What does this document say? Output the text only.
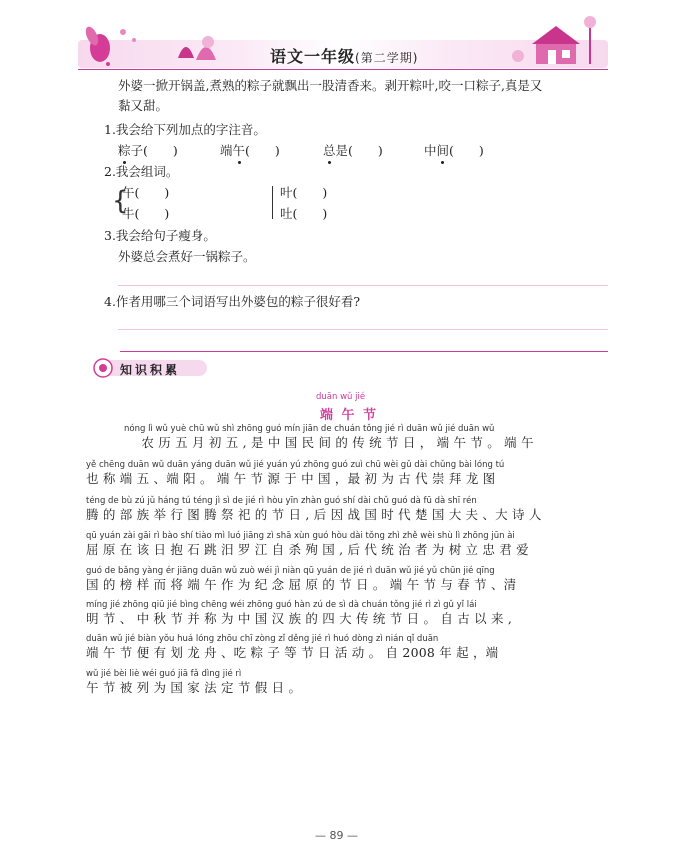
语文一年级(第二学期)
外婆一掀开锅盖,煮熟的粽子就飘出一股清香来。剥开粽叶,咬一口粽子,真是又
黏又甜。
1.我会给下列加点的字注音。
粽子(　　)	端午(　　)	总是(　　)	中间(　　)
2.我会组词。
{
午(　　)
牛(　　)
叶(　　)
吐(　　)
3.我会给句子瘦身。
外婆总会煮好一锅粽子。
4.作者用哪三个词语写出外婆包的粽子很好看?
知识积累
duān wǔ jié
端 午 节
nóng lì wǔ yuè chū wǔ shì zhōng guó mín jiān de chuán tǒng jié rì duān wǔ jié duān wǔ
　　农 历 五 月 初 五 , 是 中 国 民 间 的 传 统 节 日 ， 端 午 节 。 端 午
yě chēng duān wǔ duān yáng duān wǔ jié yuán yú zhōng guó zuì chū wèi gǔ dài chǔng bài lóng tú
也 称 端 五 、端 阳 。 端 午 节 源 于 中 国 ，最 初 为 古 代 崇 拜 龙 图
téng de bù zú jǔ háng tú téng jì sì de jié rì hòu yīn zhàn guó shí dài chǔ guó dà fū dà shī rén
腾 的 部 族 举 行 图 腾 祭 祀 的 节 日 , 后 因 战 国 时 代 楚 国 大 夫 、大 诗 人
qū yuán zài gāi rì bào shí tiào mì luó jiāng zì shā xùn guó hòu dài tǒng zhì zhě wèi shù lì zhōng jūn ài
屈 原 在 该 日 抱 石 跳 汨 罗 江 自 杀 殉 国 , 后 代 统 治 者 为 树 立 忠 君 爱
guó de bǎng yàng ér jiāng duān wǔ zuò wéi jì niàn qū yuán de jié rì duān wǔ jié yǔ chūn jié qīng
国 的 榜 样 而 将 端 午 作 为 纪 念 屈 原 的 节 日 。 端 午 节 与 春 节 、清
míng jié zhōng qiū jié bìng chēng wéi zhōng guó hàn zú de sì dà chuán tǒng jié rì zì gǔ yǐ lái
明 节 、 中 秋 节 并 称 为 中 国 汉 族 的 四 大 传 统 节 日 。 自 古 以 来 ,
duān wǔ jié biàn yǒu huá lóng zhōu chī zòng zǐ děng jié rì huó dòng zì nián qǐ duān
端 午 节 便 有 划 龙 舟 、吃 粽 子 等 节 日 活 动 。 自 2008 年 起 ，端
wǔ jié bèi liè wéi guó jiā fǎ dìng jié rì
午 节 被 列 为 国 家 法 定 节 假 日 。
— 89 —
